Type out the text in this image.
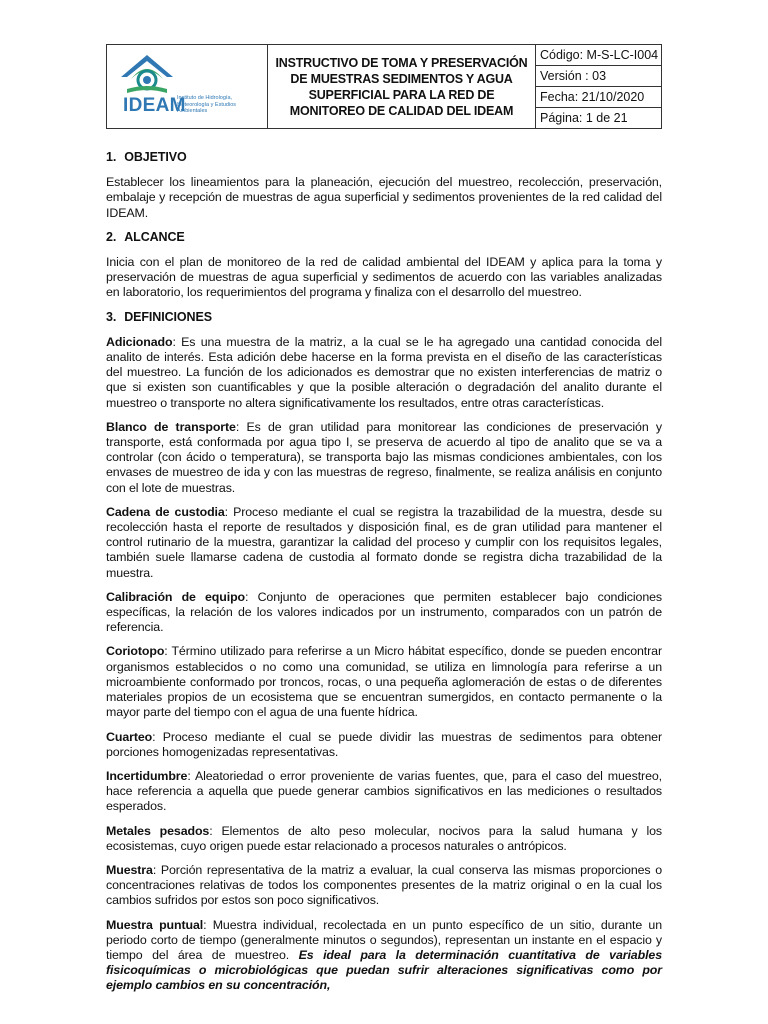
IDEAM
Instituto de Hidrología, Meteorología y Estudios Ambientales
INSTRUCTIVO DE TOMA Y PRESERVACIÓN DE MUESTRAS SEDIMENTOS Y AGUA SUPERFICIAL PARA LA RED DE MONITOREO DE CALIDAD DEL IDEAM
Código: M-S-LC-I004
Versión : 03
Fecha: 21/10/2020
Página: 1 de 21
1. OBJETIVO

Establecer los lineamientos para la planeación, ejecución del muestreo, recolección, preservación, embalaje y recepción de muestras de agua superficial y sedimentos provenientes de la red calidad del IDEAM.

2. ALCANCE

Inicia con el plan de monitoreo de la red de calidad ambiental del IDEAM y aplica para la toma y preservación de muestras de agua superficial y sedimentos de acuerdo con las variables analizadas en laboratorio, los requerimientos del programa y finaliza con el desarrollo del muestreo.

3. DEFINICIONES

Adicionado: Es una muestra de la matriz, a la cual se le ha agregado una cantidad conocida del analito de interés. Esta adición debe hacerse en la forma prevista en el diseño de las características del muestreo. La función de los adicionados es demostrar que no existen interferencias de matriz o que si existen son cuantificables y que la posible alteración o degradación del analito durante el muestreo o transporte no altera significativamente los resultados, entre otras características.

Blanco de transporte: Es de gran utilidad para monitorear las condiciones de preservación y transporte, está conformada por agua tipo I, se preserva de acuerdo al tipo de analito que se va a controlar (con ácido o temperatura), se transporta bajo las mismas condiciones ambientales, con los envases de muestreo de ida y con las muestras de regreso, finalmente, se realiza análisis en conjunto con el lote de muestras.

Cadena de custodia: Proceso mediante el cual se registra la trazabilidad de la muestra, desde su recolección hasta el reporte de resultados y disposición final, es de gran utilidad para mantener el control rutinario de la muestra, garantizar la calidad del proceso y cumplir con los requisitos legales, también suele llamarse cadena de custodia al formato donde se registra dicha trazabilidad de la muestra.

Calibración de equipo: Conjunto de operaciones que permiten establecer bajo condiciones específicas, la relación de los valores indicados por un instrumento, comparados con un patrón de referencia.

Coriotopo: Término utilizado para referirse a un Micro hábitat específico, donde se pueden encontrar organismos establecidos o no como una comunidad, se utiliza en limnología para referirse a un microambiente conformado por troncos, rocas, o una pequeña aglomeración de estas o de diferentes materiales propios de un ecosistema que se encuentran sumergidos, en contacto permanente o la mayor parte del tiempo con el agua de una fuente hídrica.

Cuarteo: Proceso mediante el cual se puede dividir las muestras de sedimentos para obtener porciones homogenizadas representativas.

Incertidumbre: Aleatoriedad o error proveniente de varias fuentes, que, para el caso del muestreo, hace referencia a aquella que puede generar cambios significativos en las mediciones o resultados esperados.

Metales pesados: Elementos de alto peso molecular, nocivos para la salud humana y los ecosistemas, cuyo origen puede estar relacionado a procesos naturales o antrópicos.

Muestra: Porción representativa de la matriz a evaluar, la cual conserva las mismas proporciones o concentraciones relativas de todos los componentes presentes de la matriz original o en la cual los cambios sufridos por estos son poco significativos.

Muestra puntual: Muestra individual, recolectada en un punto específico de un sitio, durante un periodo corto de tiempo (generalmente minutos o segundos), representan un instante en el espacio y tiempo del área de muestreo. Es ideal para la determinación cuantitativa de variables fisicoquímicas o microbiológicas que puedan sufrir alteraciones significativas como por ejemplo cambios en su concentración,
